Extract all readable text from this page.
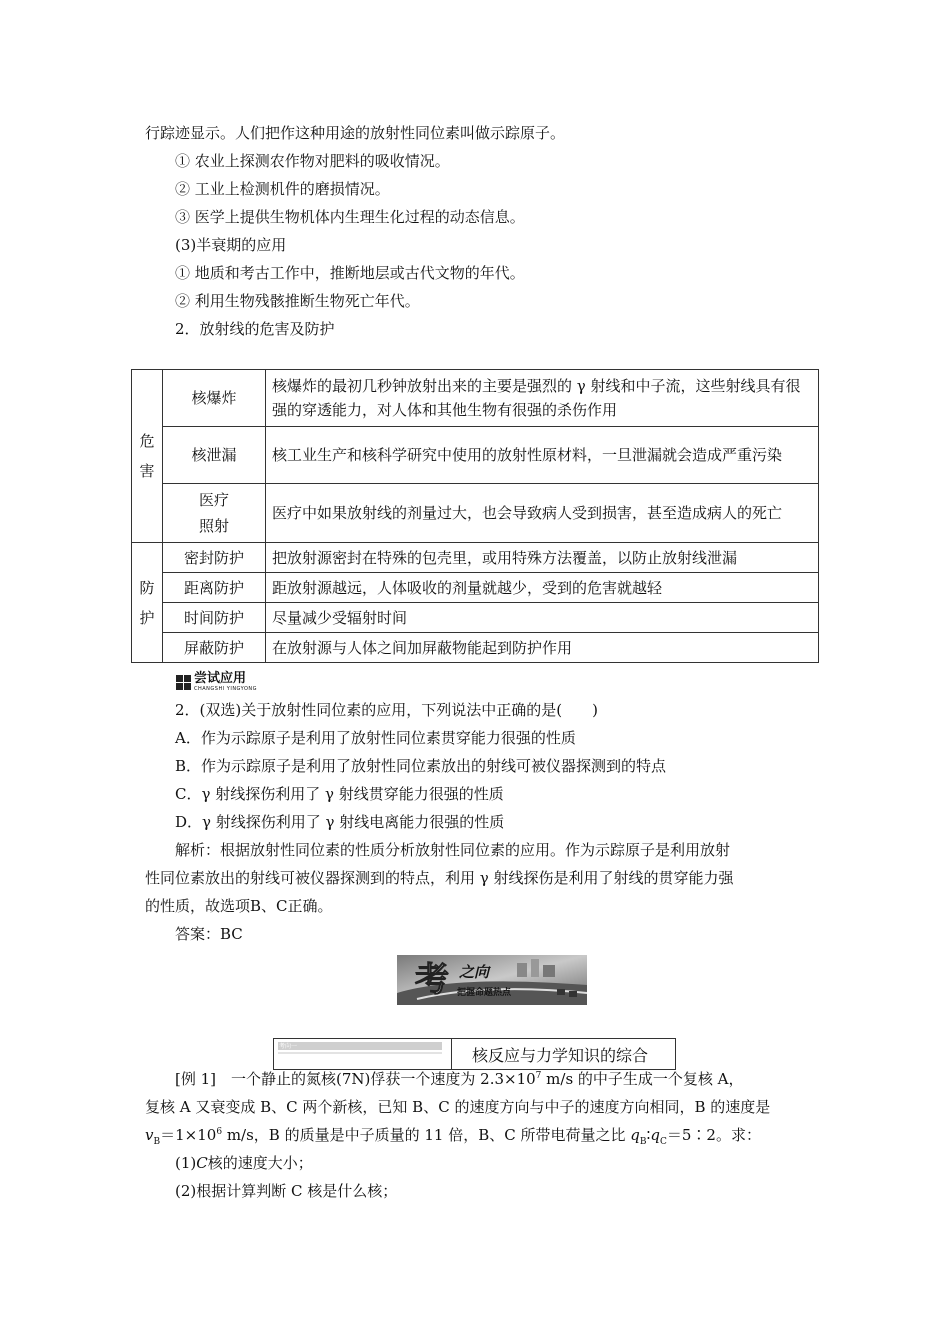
行踪迹显示。人们把作这种用途的放射性同位素叫做示踪原子。
① 农业上探测农作物对肥料的吸收情况。
② 工业上检测机件的磨损情况。
③ 医学上提供生物机体内生理生化过程的动态信息。
(3)半衰期的应用
① 地质和考古工作中，推断地层或古代文物的年代。
② 利用生物残骸推断生物死亡年代。
2．放射线的危害及防护
危
害	核爆炸	核爆炸的最初几秒钟放射出来的主要是强烈的 γ 射线和中子流，这些射线具有很强的穿透能力，对人体和其他生物有很强的杀伤作用
	核泄漏	核工业生产和核科学研究中使用的放射性原材料，一旦泄漏就会造成严重污染
	医疗照射	医疗中如果放射线的剂量过大，也会导致病人受到损害，甚至造成病人的死亡

防
护	密封防护	把放射源密封在特殊的包壳里，或用特殊方法覆盖，以防止放射线泄漏
	距离防护	距放射源越远，人体吸收的剂量就越少，受到的危害就越轻
	时间防护	尽量减少受辐射时间
	屏蔽防护	在放射源与人体之间加屏蔽物能起到防护作用
尝试应用
CHANGSHI YINGYONG
2．(双选)关于放射性同位素的应用，下列说法中正确的是(　　)
A．作为示踪原子是利用了放射性同位素贯穿能力很强的性质
B．作为示踪原子是利用了放射性同位素放出的射线可被仪器探测到的特点
C．γ 射线探伤利用了 γ 射线贯穿能力很强的性质
D．γ 射线探伤利用了 γ 射线电离能力很强的性质
解析：根据放射性同位素的性质分析放射性同位素的应用。作为示踪原子是利用放射
性同位素放出的射线可被仪器探测到的特点，利用 γ 射线探伤是利用了射线的贯穿能力强
的性质，故选项B、C正确。
答案：BC
考 之向
把握命题热点
考向一	核反应与力学知识的综合
[例 1]　一个静止的氮核(7N)俘获一个速度为 $2.3\times 10^7$ m/s 的中子生成一个复核 A，
复核 A 又衰变成 B、C 两个新核，已知 B、C 的速度方向与中子的速度方向相同，B 的速度是
$v_B=1\times 10^6$ m/s，B 的质量是中子质量的 11 倍，B、C 所带电荷量之比 $q_B∶q_C=5∶2$。求：
(1)C核的速度大小；
(2)根据计算判断 C 核是什么核；
